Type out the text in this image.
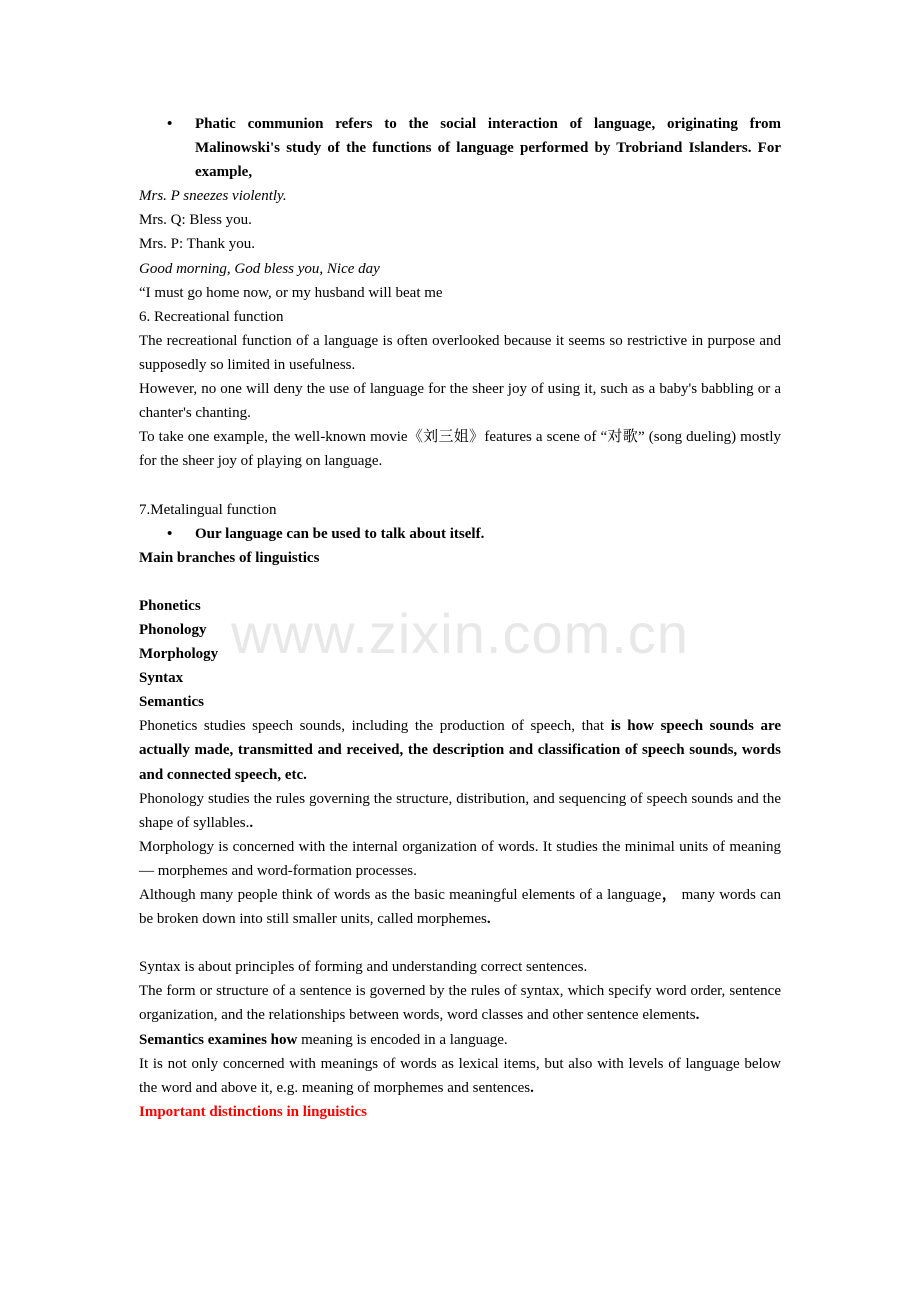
• Phatic communion refers to the social interaction of language, originating from Malinowski's study of the functions of language performed by Trobriand Islanders. For example,

Mrs. P sneezes violently.

Mrs. Q: Bless you.

Mrs. P: Thank you.

Good morning, God bless you, Nice day

“I must go home now, or my husband will beat me

6. Recreational function

The recreational function of a language is often overlooked because it seems so restrictive in purpose and supposedly so limited in usefulness.

However, no one will deny the use of language for the sheer joy of using it, such as a baby's babbling or a chanter's chanting.

To take one example, the well-known movie《刘三姐》features a scene of “对歌” (song dueling) mostly for the sheer joy of playing on language.

7.Metalingual function

• Our language can be used to talk about itself.

Main branches of linguistics

Phonetics

Phonology

Morphology

Syntax

Semantics

Phonetics studies speech sounds, including the production of speech, that is how speech sounds are actually made, transmitted and received, the description and classification of speech sounds, words and connected speech, etc.

Phonology studies the rules governing the structure, distribution, and sequencing of speech sounds and the shape of syllables..

Morphology is concerned with the internal organization of words. It studies the minimal units of meaning — morphemes and word-formation processes.

Although many people think of words as the basic meaningful elements of a language， many words can be broken down into still smaller units, called morphemes.

Syntax is about principles of forming and understanding correct sentences.

The form or structure of a sentence is governed by the rules of syntax, which specify word order, sentence organization, and the relationships between words, word classes and other sentence elements.

Semantics examines how meaning is encoded in a language.

It is not only concerned with meanings of words as lexical items, but also with levels of language below the word and above it, e.g. meaning of morphemes and sentences.

Important distinctions in linguistics

www.zixin.com.cn
